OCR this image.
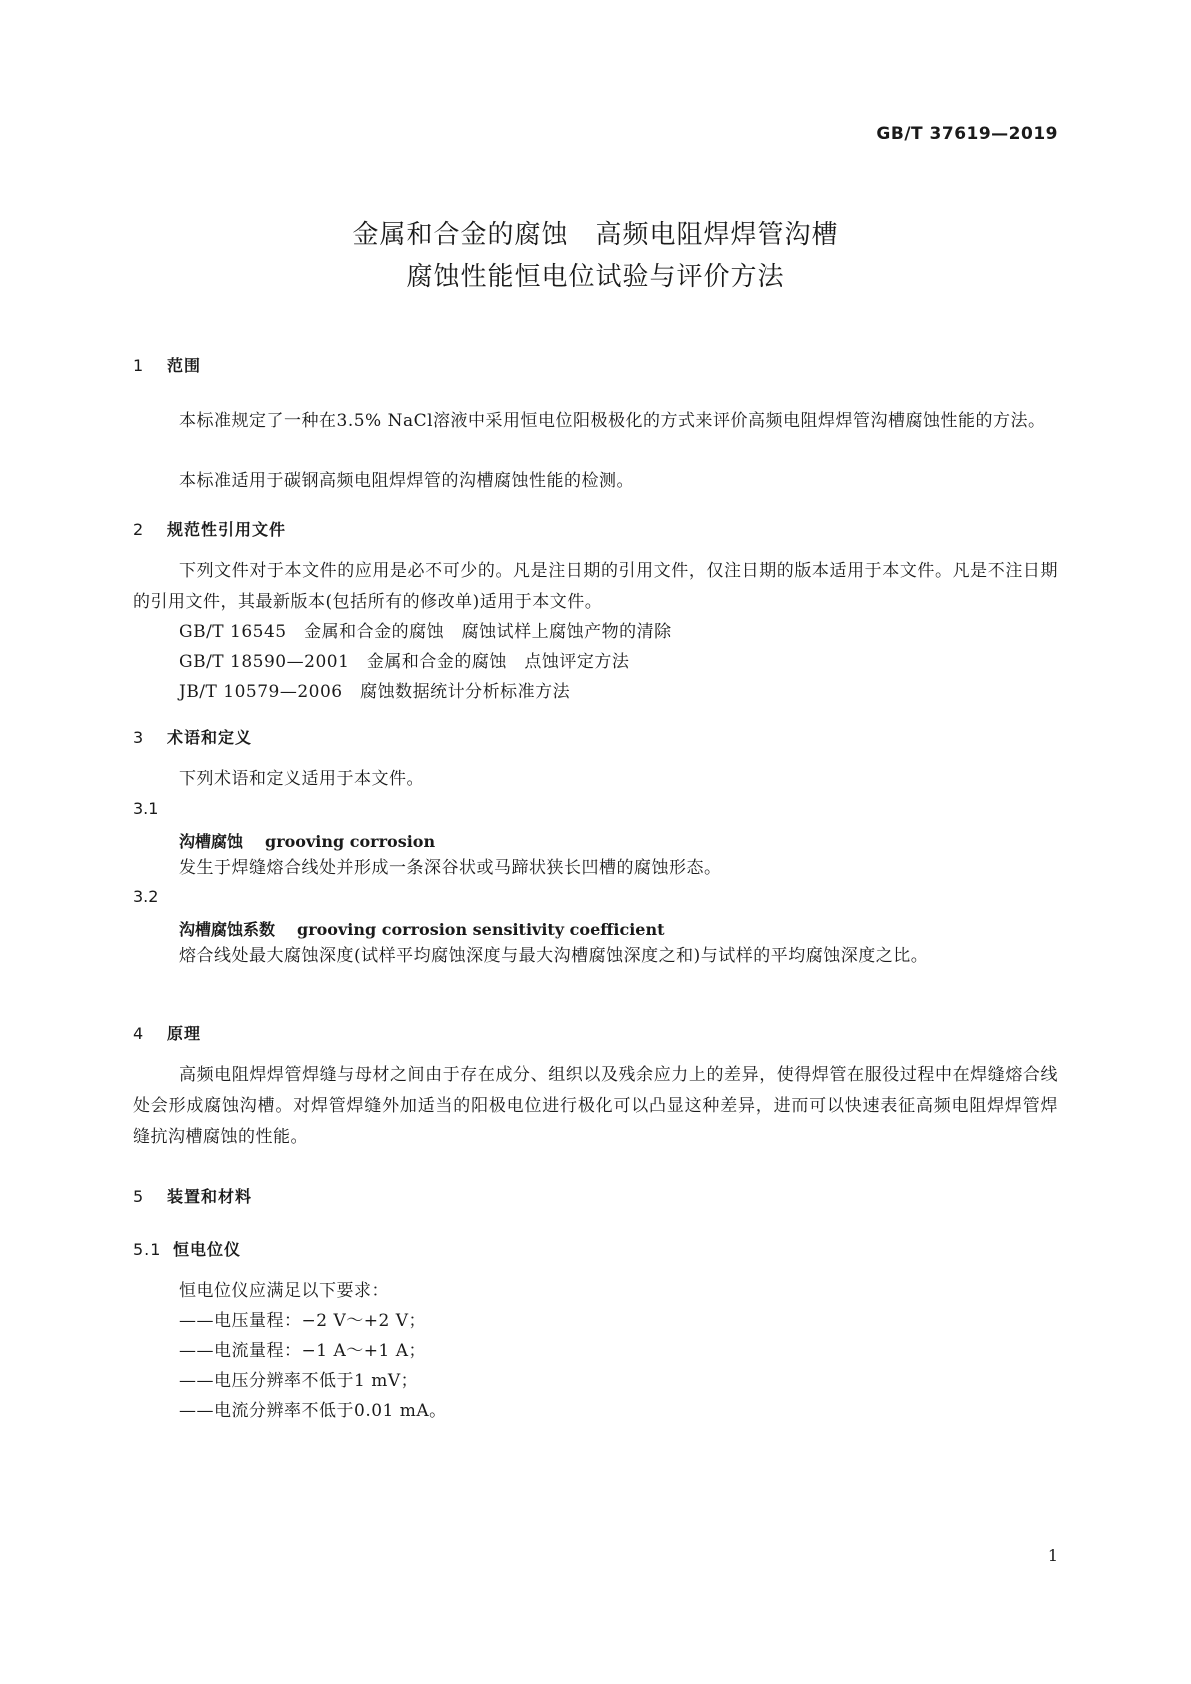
GB/T 37619—2019
金属和合金的腐蚀　高频电阻焊焊管沟槽
腐蚀性能恒电位试验与评价方法
1 范围
本标准规定了一种在3.5% NaCl溶液中采用恒电位阳极极化的方式来评价高频电阻焊焊管沟槽腐蚀性能的方法。
本标准适用于碳钢高频电阻焊焊管的沟槽腐蚀性能的检测。
2 规范性引用文件
下列文件对于本文件的应用是必不可少的。凡是注日期的引用文件，仅注日期的版本适用于本文件。凡是不注日期的引用文件，其最新版本(包括所有的修改单)适用于本文件。
GB/T 16545　金属和合金的腐蚀　腐蚀试样上腐蚀产物的清除
GB/T 18590—2001　金属和合金的腐蚀　点蚀评定方法
JB/T 10579—2006　腐蚀数据统计分析标准方法
3 术语和定义
下列术语和定义适用于本文件。
3.1
沟槽腐蚀 grooving corrosion
发生于焊缝熔合线处并形成一条深谷状或马蹄状狭长凹槽的腐蚀形态。
3.2
沟槽腐蚀系数 grooving corrosion sensitivity coefficient
熔合线处最大腐蚀深度(试样平均腐蚀深度与最大沟槽腐蚀深度之和)与试样的平均腐蚀深度之比。
4 原理
高频电阻焊焊管焊缝与母材之间由于存在成分、组织以及残余应力上的差异，使得焊管在服役过程中在焊缝熔合线处会形成腐蚀沟槽。对焊管焊缝外加适当的阳极电位进行极化可以凸显这种差异，进而可以快速表征高频电阻焊焊管焊缝抗沟槽腐蚀的性能。
5 装置和材料
5.1 恒电位仪
恒电位仪应满足以下要求：
——电压量程：−2 V～+2 V；
——电流量程：−1 A～+1 A；
——电压分辨率不低于1 mV；
——电流分辨率不低于0.01 mA。
1
